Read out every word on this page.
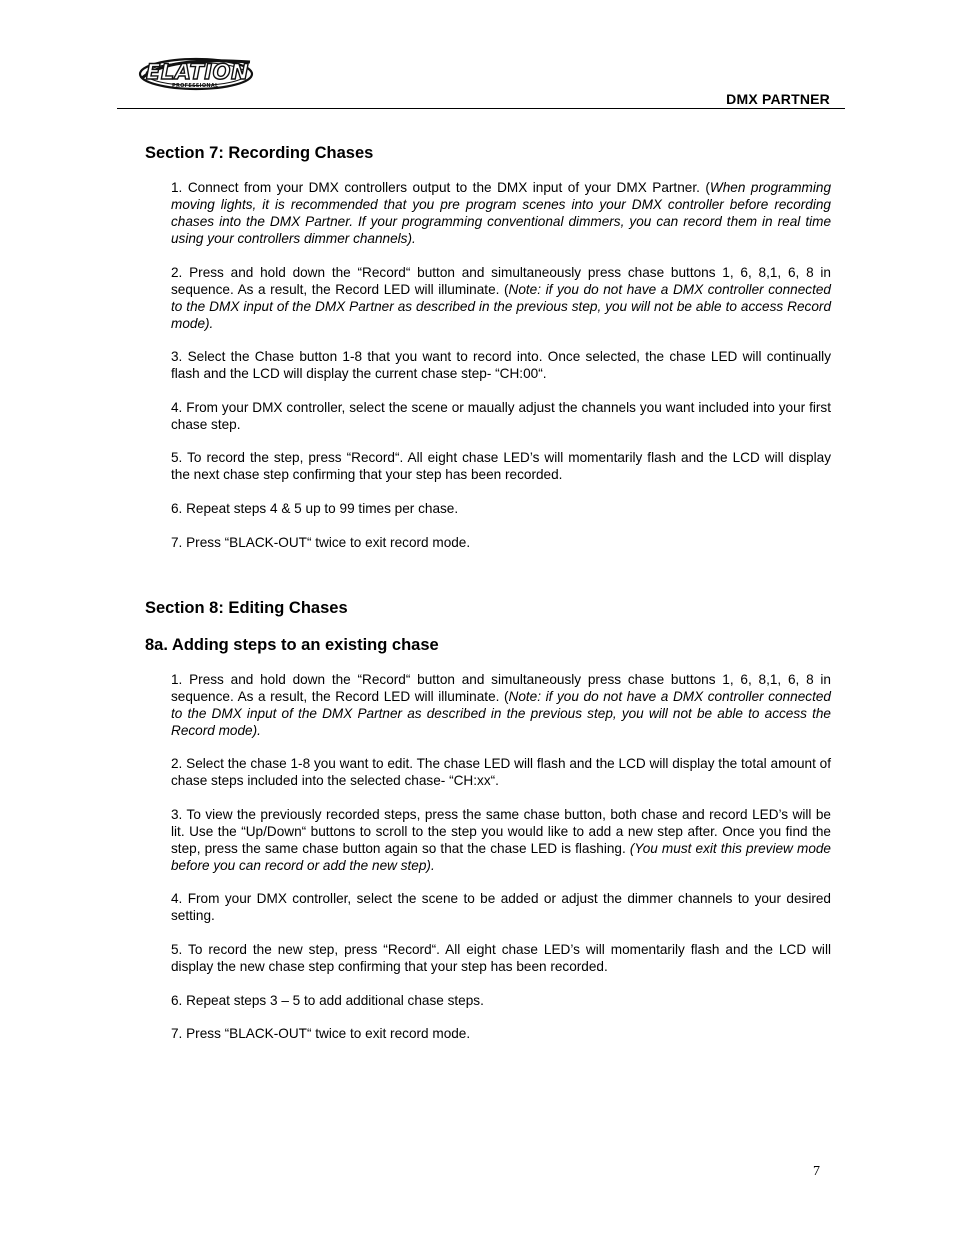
ELATION
PROFESSIONAL
DMX PARTNER
Section 7: Recording Chases

1. Connect from your DMX controllers output to the DMX input of your DMX Partner. (When programming moving lights, it is recommended that you pre program scenes into your DMX controller before recording chases into the DMX Partner. If your programming conventional dimmers, you can record them in real time using your controllers dimmer channels).

2. Press and hold down the “Record“ button and simultaneously press chase buttons 1, 6, 8,1, 6, 8 in sequence. As a result, the Record LED will illuminate. (Note: if you do not have a DMX controller connected to the DMX input of the DMX Partner as described in the previous step, you will not be able to access Record mode).

3. Select the Chase button 1-8 that you want to record into. Once selected, the chase LED will continually flash and the LCD will display the current chase step- “CH:00“.

4. From your DMX controller, select the scene or maually adjust the channels you want included into your first chase step.

5. To record the step, press “Record“. All eight chase LED’s will momentarily flash and the LCD will display the next chase step confirming that your step has been recorded.

6. Repeat steps 4 & 5 up to 99 times per chase.

7. Press “BLACK-OUT“ twice to exit record mode.

Section 8: Editing Chases
8a. Adding steps to an existing chase

1. Press and hold down the “Record“ button and simultaneously press chase buttons 1, 6, 8,1, 6, 8 in sequence. As a result, the Record LED will illuminate. (Note: if you do not have a DMX controller connected to the DMX input of the DMX Partner as described in the previous step, you will not be able to access the Record mode).

2. Select the chase 1-8 you want to edit. The chase LED will flash and the LCD will display the total amount of chase steps included into the selected chase- “CH:xx“.

3. To view the previously recorded steps, press the same chase button, both chase and record LED’s will be lit. Use the “Up/Down“ buttons to scroll to the step you would like to add a new step after. Once you find the step, press the same chase button again so that the chase LED is flashing. (You must exit this preview mode before you can record or add the new step).

4. From your DMX controller, select the scene to be added or adjust the dimmer channels to your desired setting.

5. To record the new step, press “Record“. All eight chase LED’s will momentarily flash and the LCD will display the new chase step confirming that your step has been recorded.

6. Repeat steps 3 – 5 to add additional chase steps.

7. Press “BLACK-OUT“ twice to exit record mode.

7
